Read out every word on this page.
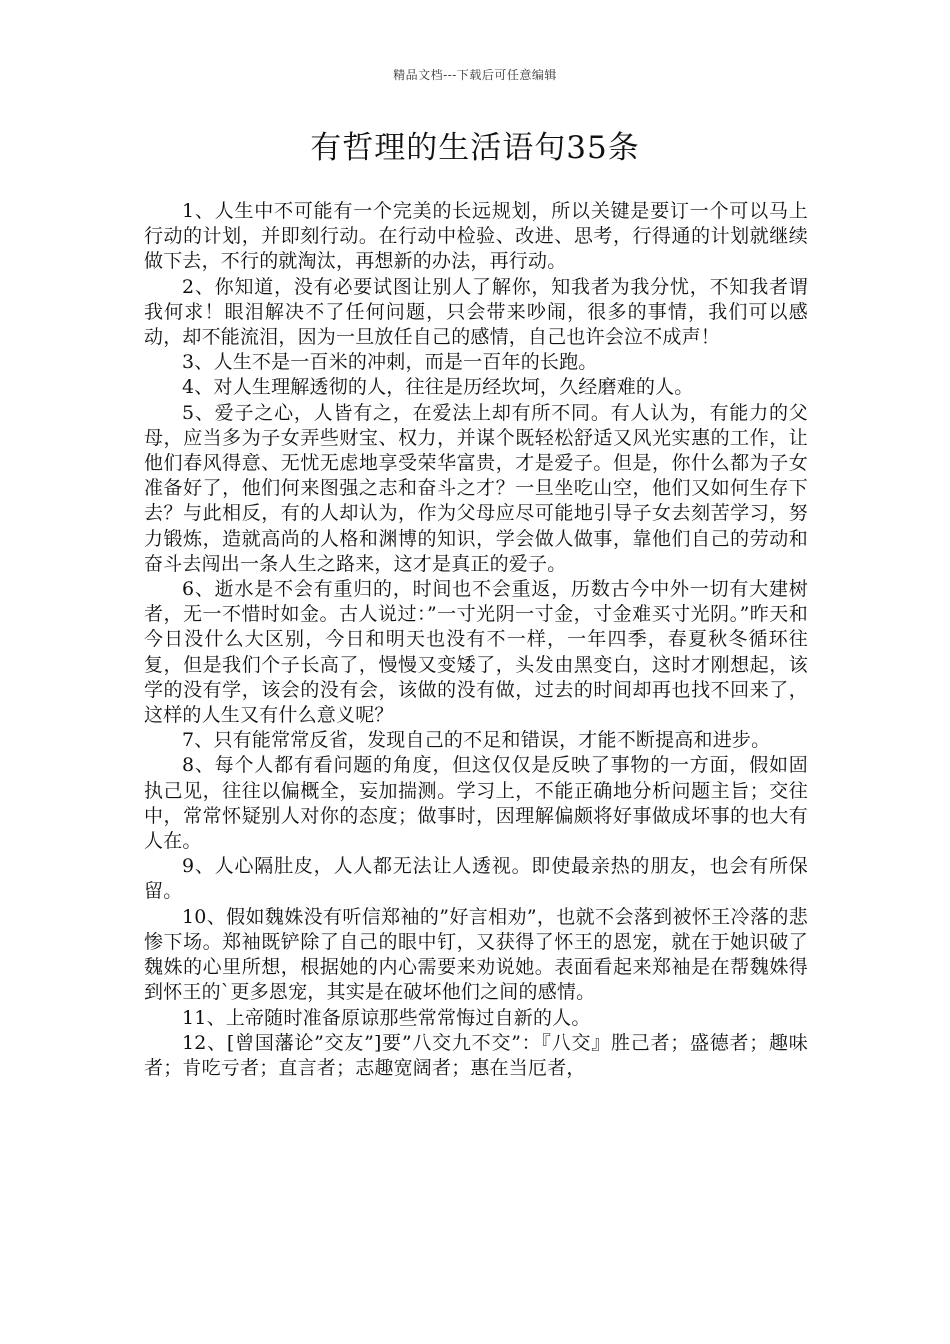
精品文档---下载后可任意编辑
有哲理的生活语句35条

1、人生中不可能有一个完美的长远规划，所以关键是要订一个可以马上行动的计划，并即刻行动。在行动中检验、改进、思考，行得通的计划就继续做下去，不行的就淘汰，再想新的办法，再行动。

2、你知道，没有必要试图让别人了解你，知我者为我分忧，不知我者谓我何求！眼泪解决不了任何问题，只会带来吵闹，很多的事情，我们可以感动，却不能流泪，因为一旦放任自己的感情，自己也许会泣不成声！

3、人生不是一百米的冲刺，而是一百年的长跑。

4、对人生理解透彻的人，往往是历经坎坷，久经磨难的人。

5、爱子之心，人皆有之，在爱法上却有所不同。有人认为，有能力的父母，应当多为子女弄些财宝、权力，并谋个既轻松舒适又风光实惠的工作，让他们春风得意、无忧无虑地享受荣华富贵，才是爱子。但是，你什么都为子女准备好了，他们何来图强之志和奋斗之才？一旦坐吃山空，他们又如何生存下去？与此相反，有的人却认为，作为父母应尽可能地引导子女去刻苦学习，努力锻炼，造就高尚的人格和渊博的知识，学会做人做事，靠他们自己的劳动和奋斗去闯出一条人生之路来，这才是真正的爱子。

6、逝水是不会有重归的，时间也不会重返，历数古今中外一切有大建树者，无一不惜时如金。古人说过：”一寸光阴一寸金，寸金难买寸光阴。”昨天和今日没什么大区别，今日和明天也没有不一样，一年四季，春夏秋冬循环往复，但是我们个子长高了，慢慢又变矮了，头发由黑变白，这时才刚想起，该学的没有学，该会的没有会，该做的没有做，过去的时间却再也找不回来了，这样的人生又有什么意义呢？

7、只有能常常反省，发现自己的不足和错误，才能不断提高和进步。

8、每个人都有看问题的角度，但这仅仅是反映了事物的一方面，假如固执己见，往往以偏概全，妄加揣测。学习上，不能正确地分析问题主旨；交往中，常常怀疑别人对你的态度；做事时，因理解偏颇将好事做成坏事的也大有人在。

9、人心隔肚皮，人人都无法让人透视。即使最亲热的朋友，也会有所保留。

10、假如魏姝没有听信郑袖的”好言相劝”，也就不会落到被怀王冷落的悲惨下场。郑袖既铲除了自己的眼中钉，又获得了怀王的恩宠，就在于她识破了魏姝的心里所想，根据她的内心需要来劝说她。表面看起来郑袖是在帮魏姝得到怀王的`更多恩宠，其实是在破坏他们之间的感情。

11、上帝随时准备原谅那些常常悔过自新的人。

12、[曾国藩论”交友”]要”八交九不交”：『八交』胜己者；盛德者；趣味者；肯吃亏者；直言者；志趣宽阔者；惠在当厄者，
